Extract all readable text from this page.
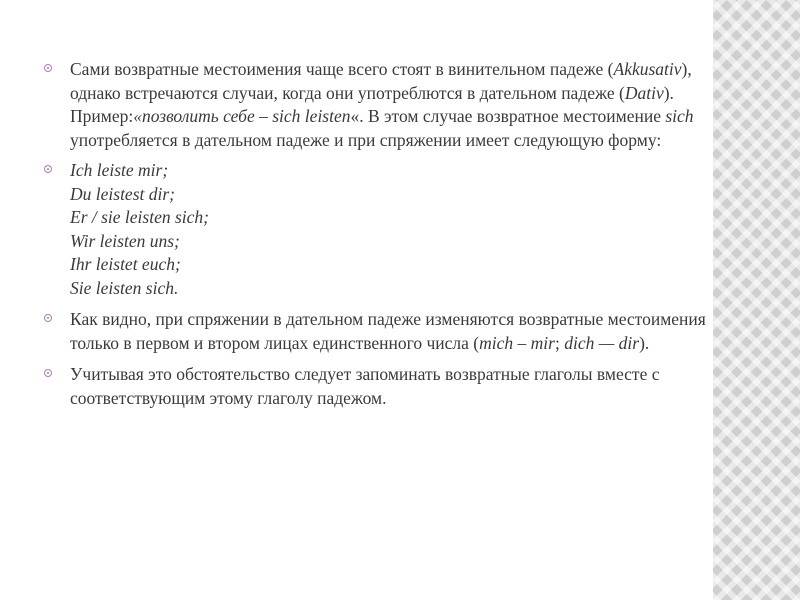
Сами возвратные местоимения чаще всего стоят в винительном падеже (Akkusativ), однако встречаются случаи, когда они употреблются в дательном падеже (Dativ). Пример:«позволить себе – sich leisten«. В этом случае возвратное местоимение sich употребляется в дательном падеже и при спряжении имеет следующую форму:
Ich leiste mir;
Du leistest dir;
Er / sie leisten sich;
Wir leisten uns;
Ihr leistet euch;
Sie leisten sich.
Как видно, при спряжении в дательном падеже изменяются возвратные местоимения только в первом и втором лицах единственного числа (mich – mir; dich — dir).
Учитывая это обстоятельство следует запоминать возвратные глаголы вместе с соответствующим этому глаголу падежом.
